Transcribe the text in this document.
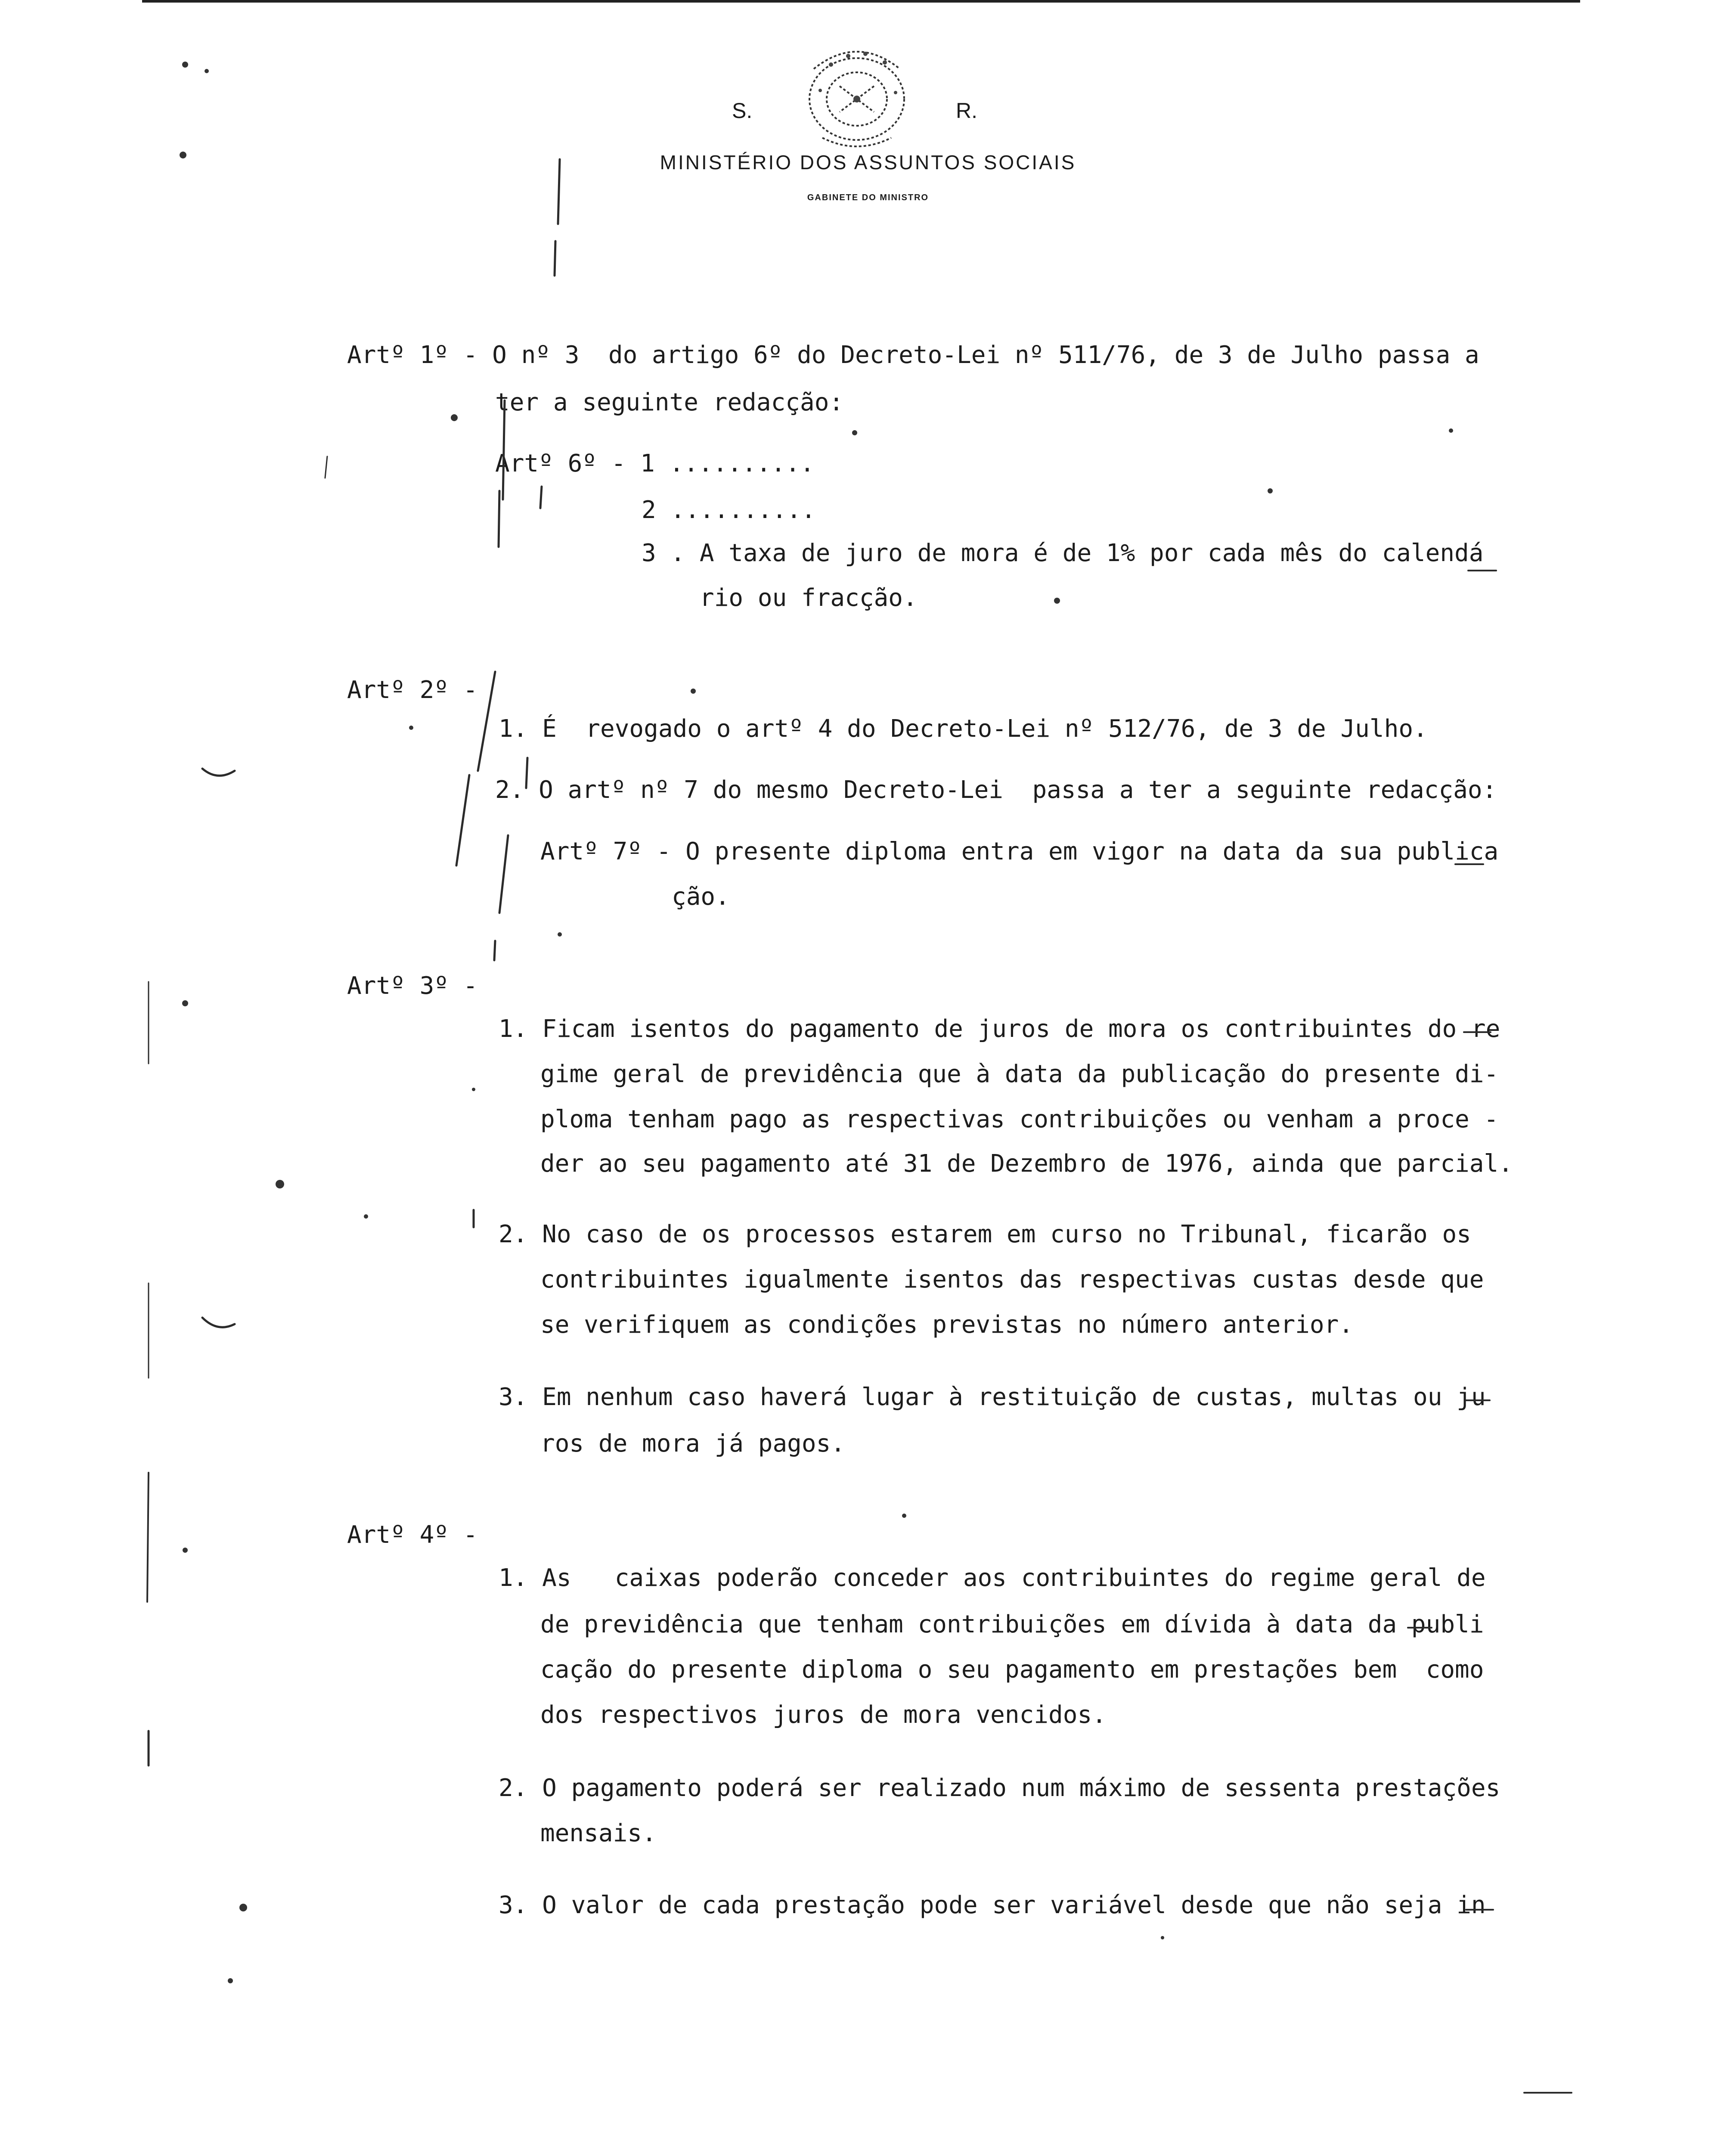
S.	R.
MINISTÉRIO DOS ASSUNTOS SOCIAIS
GABINETE DO MINISTRO
Artº 1º - O nº 3  do artigo 6º do Decreto-Lei nº 511/76, de 3 de Julho passa a
ter a seguinte redacção:
Artº 6º - 1 ..........
2 ..........
3 . A taxa de juro de mora é de 1% por cada mês do calendá
rio ou fracção.
Artº 2º -
1. É  revogado o artº 4 do Decreto-Lei nº 512/76, de 3 de Julho.
2. O artº nº 7 do mesmo Decreto-Lei  passa a ter a seguinte redacção:
Artº 7º - O presente diploma entra em vigor na data da sua publica
ção.
Artº 3º -
1. Ficam isentos do pagamento de juros de mora os contribuintes do re
gime geral de previdência que à data da publicação do presente di-
ploma tenham pago as respectivas contribuições ou venham a proce -
der ao seu pagamento até 31 de Dezembro de 1976, ainda que parcial.
2. No caso de os processos estarem em curso no Tribunal, ficarão os
contribuintes igualmente isentos das respectivas custas desde que
se verifiquem as condições previstas no número anterior.
3. Em nenhum caso haverá lugar à restituição de custas, multas ou ju
ros de mora já pagos.
Artº 4º -
1. As   caixas poderão conceder aos contribuintes do regime geral de
de previdência que tenham contribuições em dívida à data da publi
cação do presente diploma o seu pagamento em prestações bem  como
dos respectivos juros de mora vencidos.
2. O pagamento poderá ser realizado num máximo de sessenta prestações
mensais.
3. O valor de cada prestação pode ser variável desde que não seja in
